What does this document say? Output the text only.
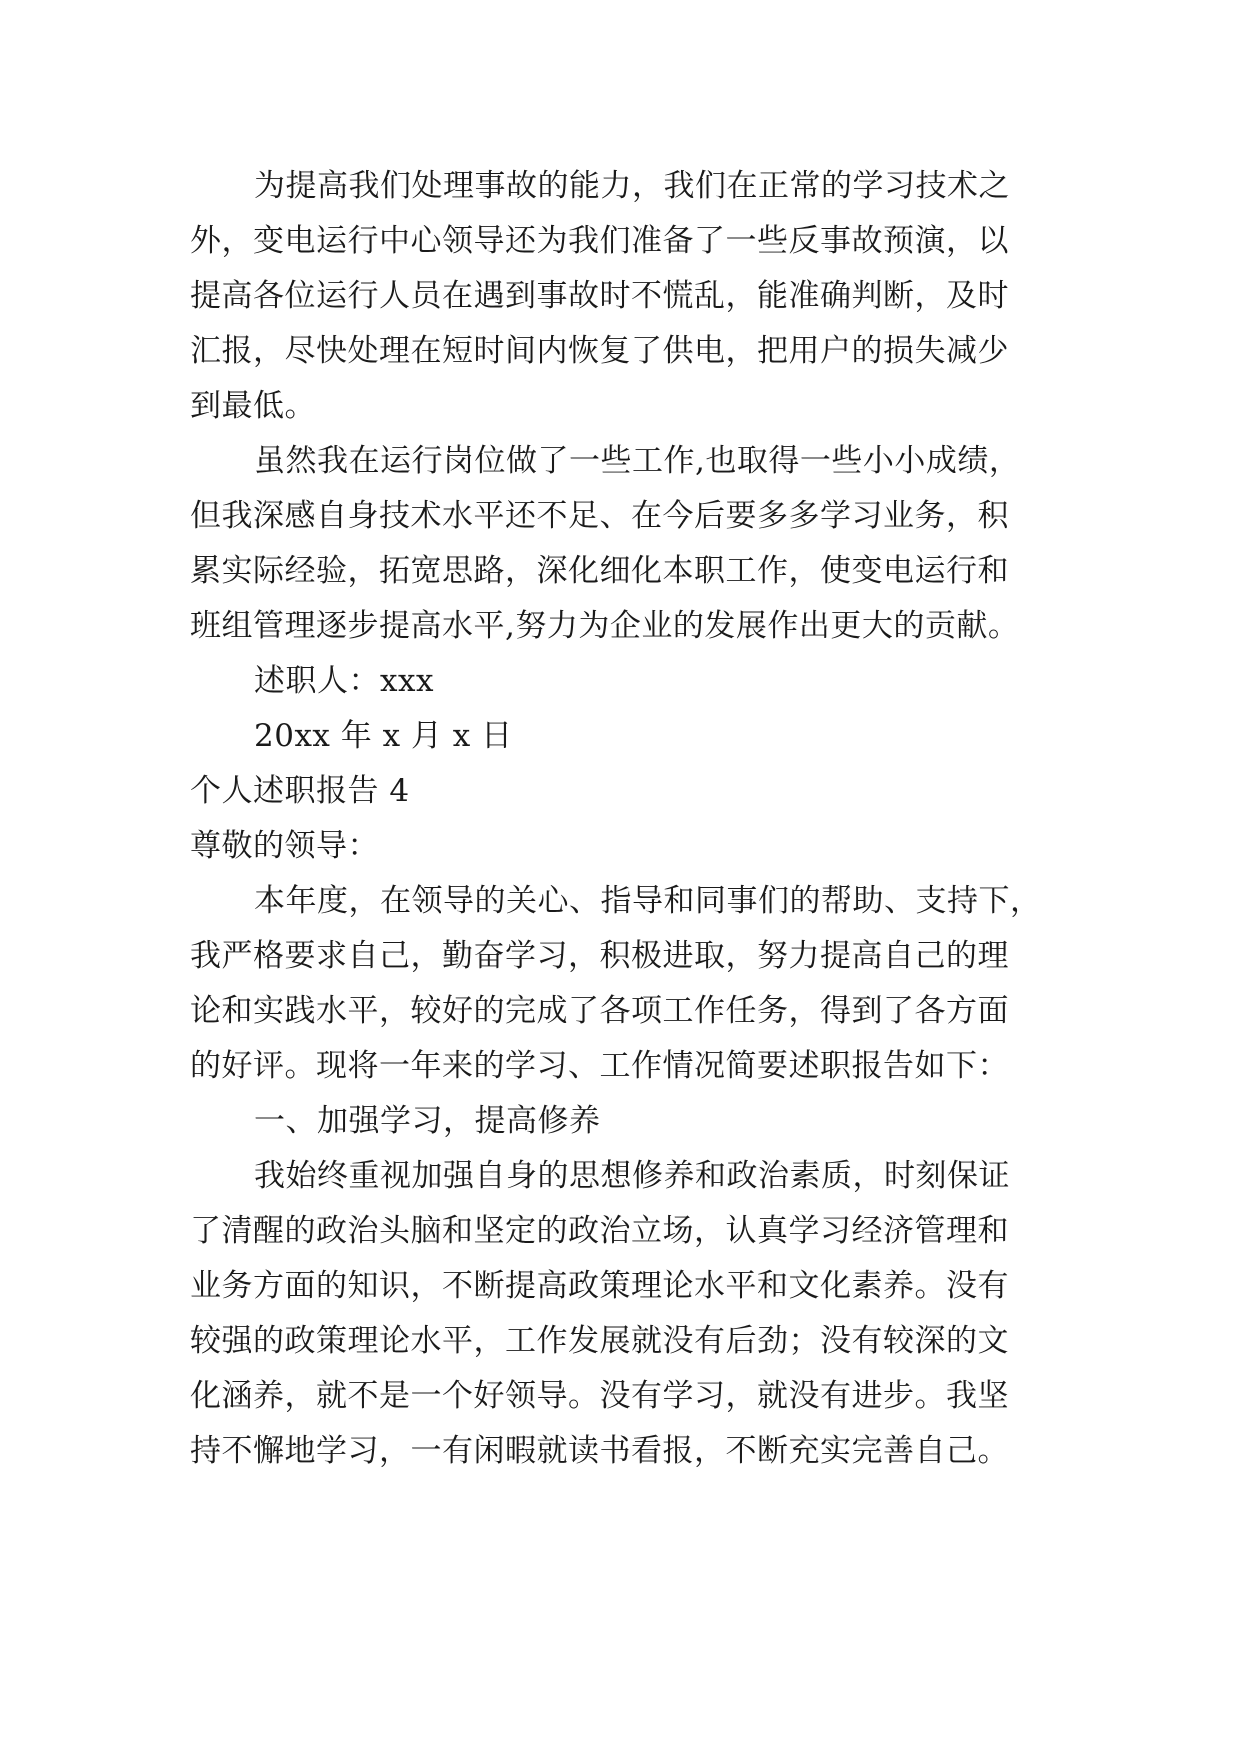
为提高我们处理事故的能力，我们在正常的学习技术之
外，变电运行中心领导还为我们准备了一些反事故预演，以
提高各位运行人员在遇到事故时不慌乱，能准确判断，及时
汇报，尽快处理在短时间内恢复了供电，把用户的损失减少
到最低。
虽然我在运行岗位做了一些工作,也取得一些小小成绩，
但我深感自身技术水平还不足、在今后要多多学习业务，积
累实际经验，拓宽思路，深化细化本职工作，使变电运行和
班组管理逐步提高水平,努力为企业的发展作出更大的贡献。
述职人：xxx
20xx 年 x 月 x 日
个人述职报告 4
尊敬的领导：
本年度，在领导的关心、指导和同事们的帮助、支持下，
我严格要求自己，勤奋学习，积极进取，努力提高自己的理
论和实践水平，较好的完成了各项工作任务，得到了各方面
的好评。现将一年来的学习、工作情况简要述职报告如下：
一、加强学习，提高修养
我始终重视加强自身的思想修养和政治素质，时刻保证
了清醒的政治头脑和坚定的政治立场，认真学习经济管理和
业务方面的知识，不断提高政策理论水平和文化素养。没有
较强的政策理论水平，工作发展就没有后劲；没有较深的文
化涵养，就不是一个好领导。没有学习，就没有进步。我坚
持不懈地学习，一有闲暇就读书看报，不断充实完善自己。
